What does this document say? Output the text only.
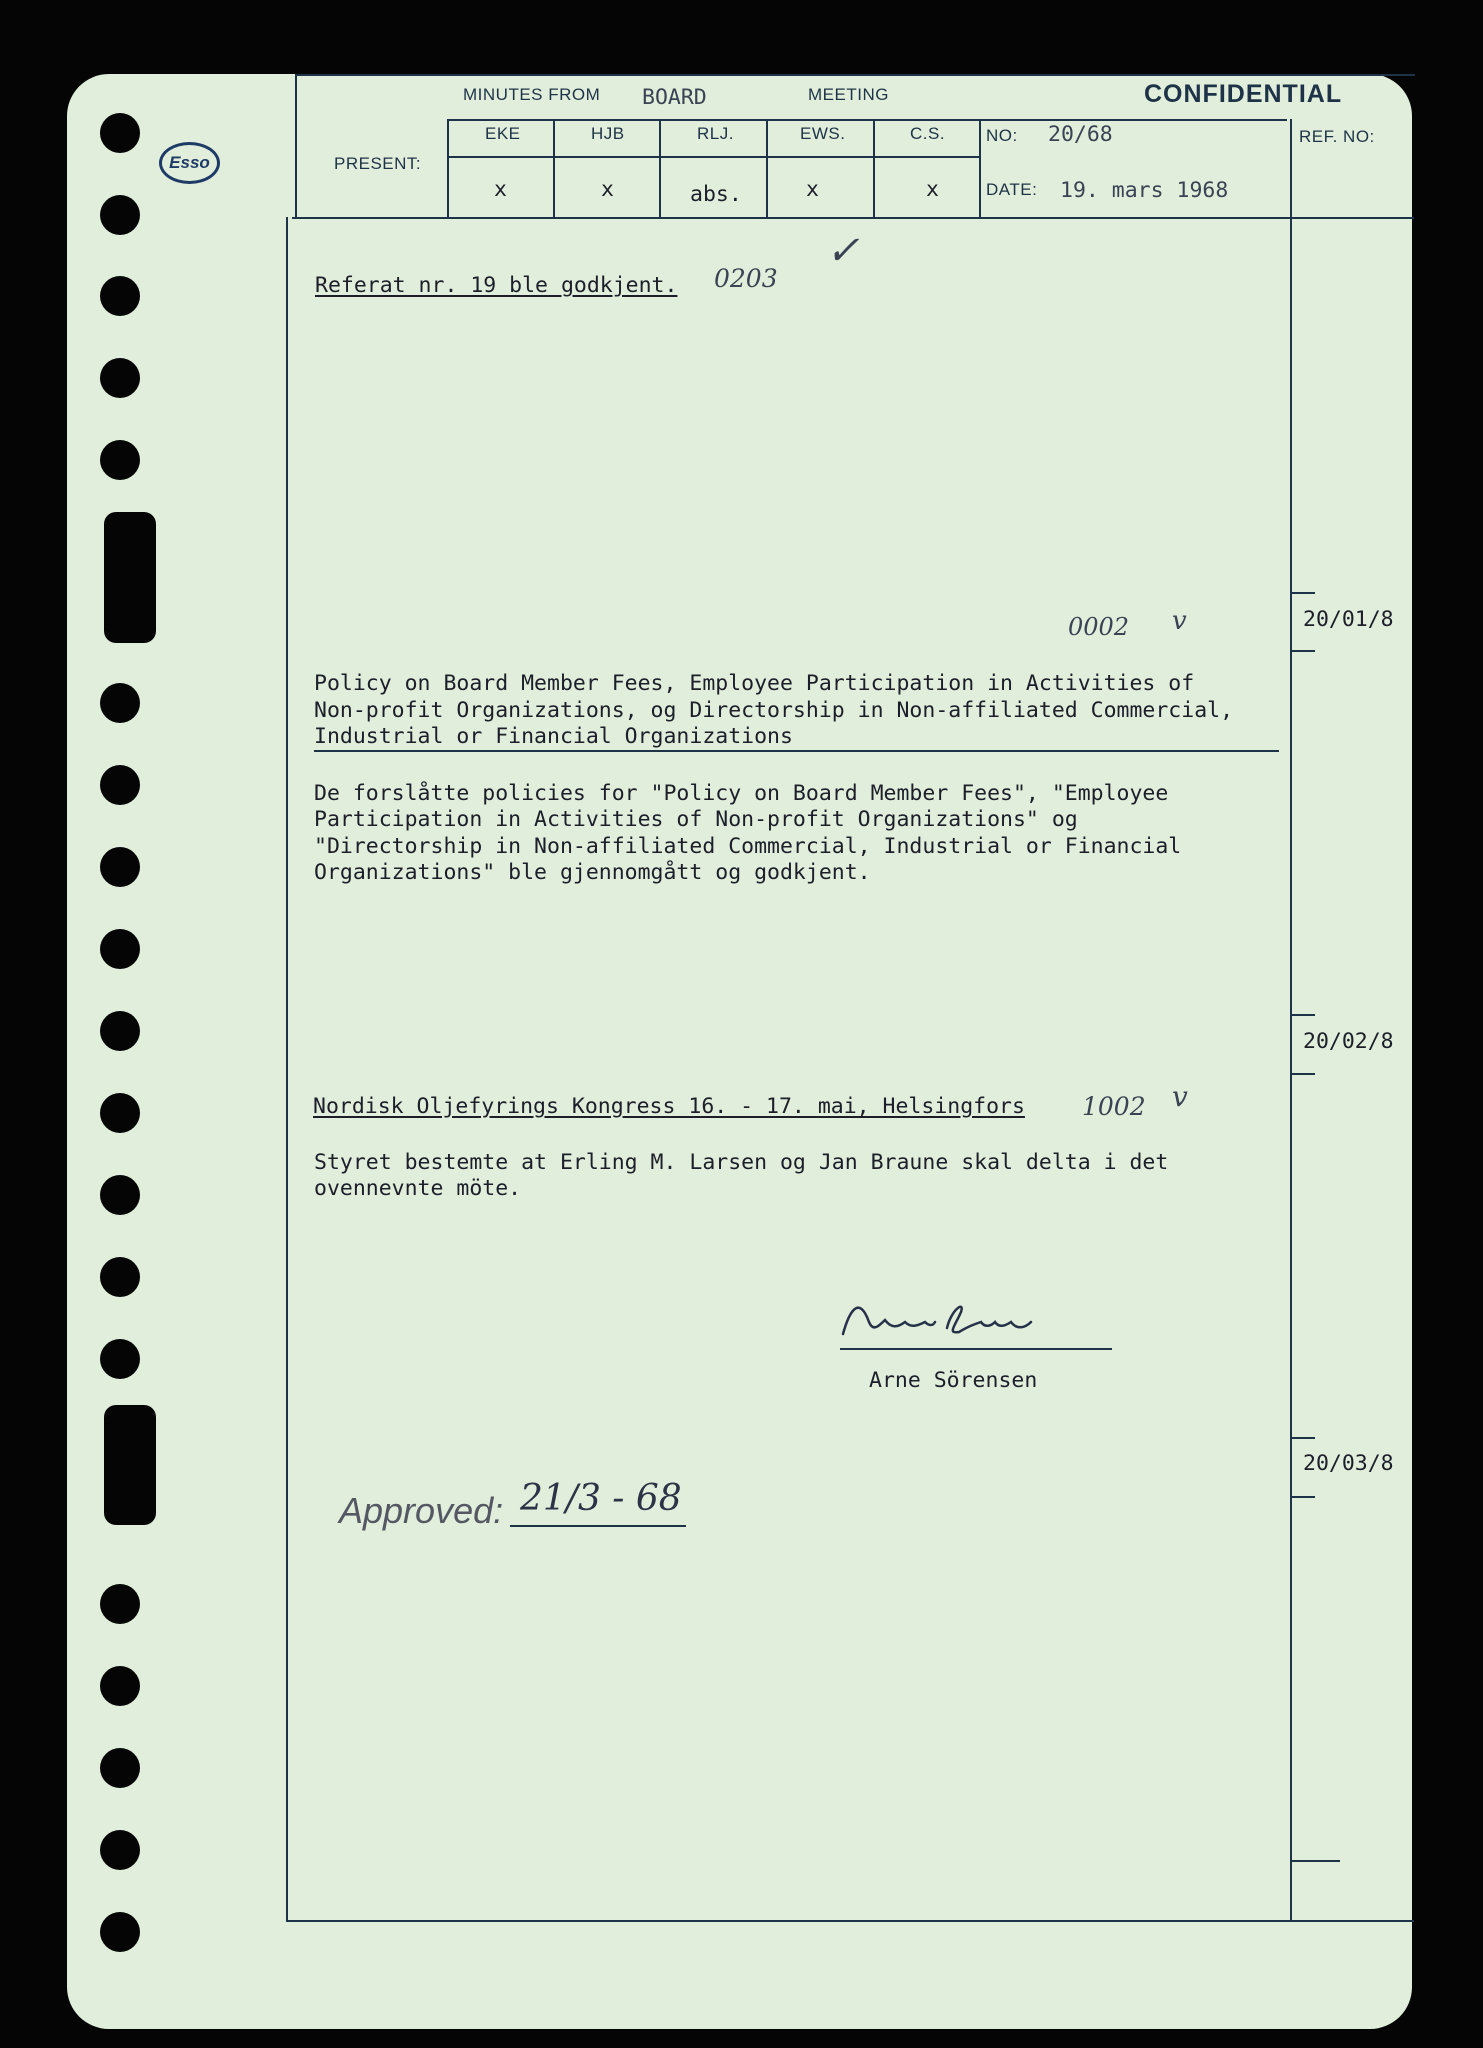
Esso
MINUTES FROM BOARD	MEETING	CONFIDENTIAL
PRESENT:
EKE	HJB	RLJ.	EWS.	C.S.
x	x	abs.	x	x
NO: 20/68
DATE: 19. mars 1968
REF. NO:
Referat nr. 19 ble godkjent. 0203
✓
0002 v	20/01/8
Policy on Board Member Fees, Employee Participation in Activities of
Non-profit Organizations, og Directorship in Non-affiliated Commercial,
Industrial or Financial Organizations
De forslåtte policies for "Policy on Board Member Fees", "Employee
Participation in Activities of Non-profit Organizations" og
"Directorship in Non-affiliated Commercial, Industrial or Financial
Organizations" ble gjennomgått og godkjent.
20/02/8
Nordisk Oljefyrings Kongress 16. - 17. mai, Helsingfors 1002 v
Styret bestemte at Erling M. Larsen og Jan Braune skal delta i det
ovennevnte möte.
Arne Sörensen
20/03/8
Approved: 21/3 - 68
